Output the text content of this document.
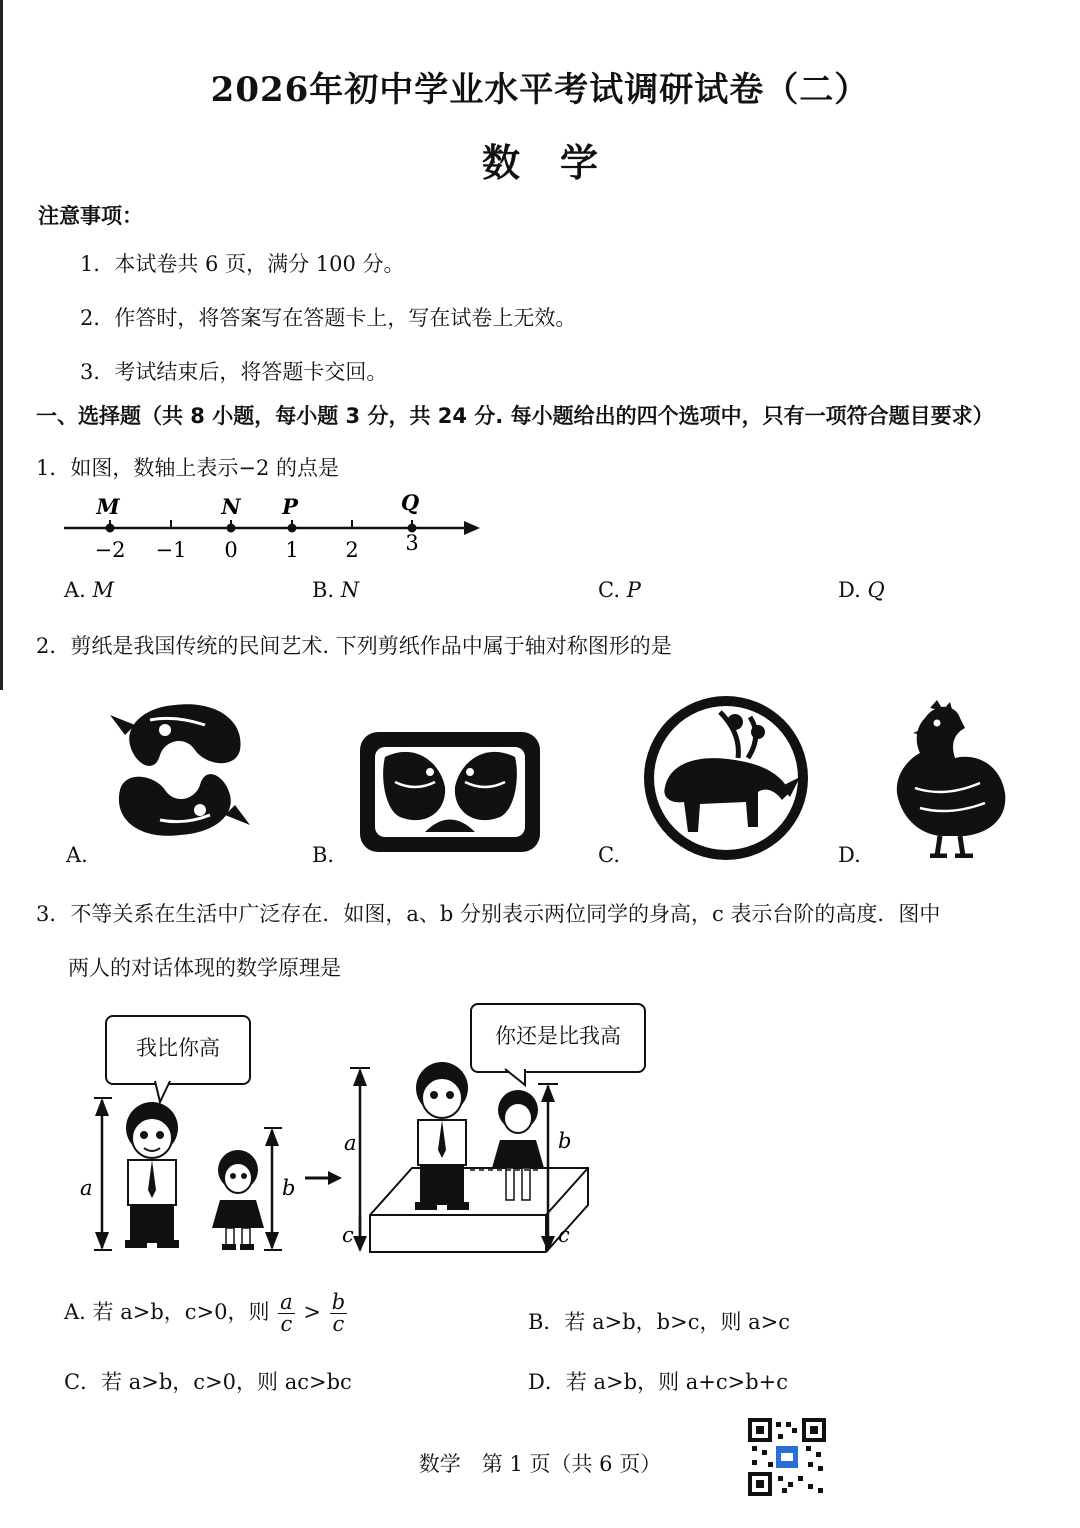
2026年初中学业水平考试调研试卷（二）
数学
注意事项：
1．本试卷共 6 页，满分 100 分。
2．作答时，将答案写在答题卡上，写在试卷上无效。
3．考试结束后，将答题卡交回。
一、选择题（共 8 小题，每小题 3 分，共 24 分. 每小题给出的四个选项中，只有一项符合题目要求）
1．如图，数轴上表示−2 的点是
M	N P	Q
−2 −1 0 1 2 3
A. M	B. N	C. P	D. Q
2．剪纸是我国传统的民间艺术. 下列剪纸作品中属于轴对称图形的是
A.	B.	C.	D.
3．不等关系在生活中广泛存在．如图，a、b 分别表示两位同学的身高，c 表示台阶的高度．图中
两人的对话体现的数学原理是
我比你高	你还是比我高
a	b
a	b
c	c
A. 若 a>b，c>0，则 $\frac{a}{c} > \frac{b}{c}$	B．若 a>b，b>c，则 a>c
C．若 a>b，c>0，则 ac>bc	D．若 a>b，则 a+c>b+c
数学　第 1 页（共 6 页）
